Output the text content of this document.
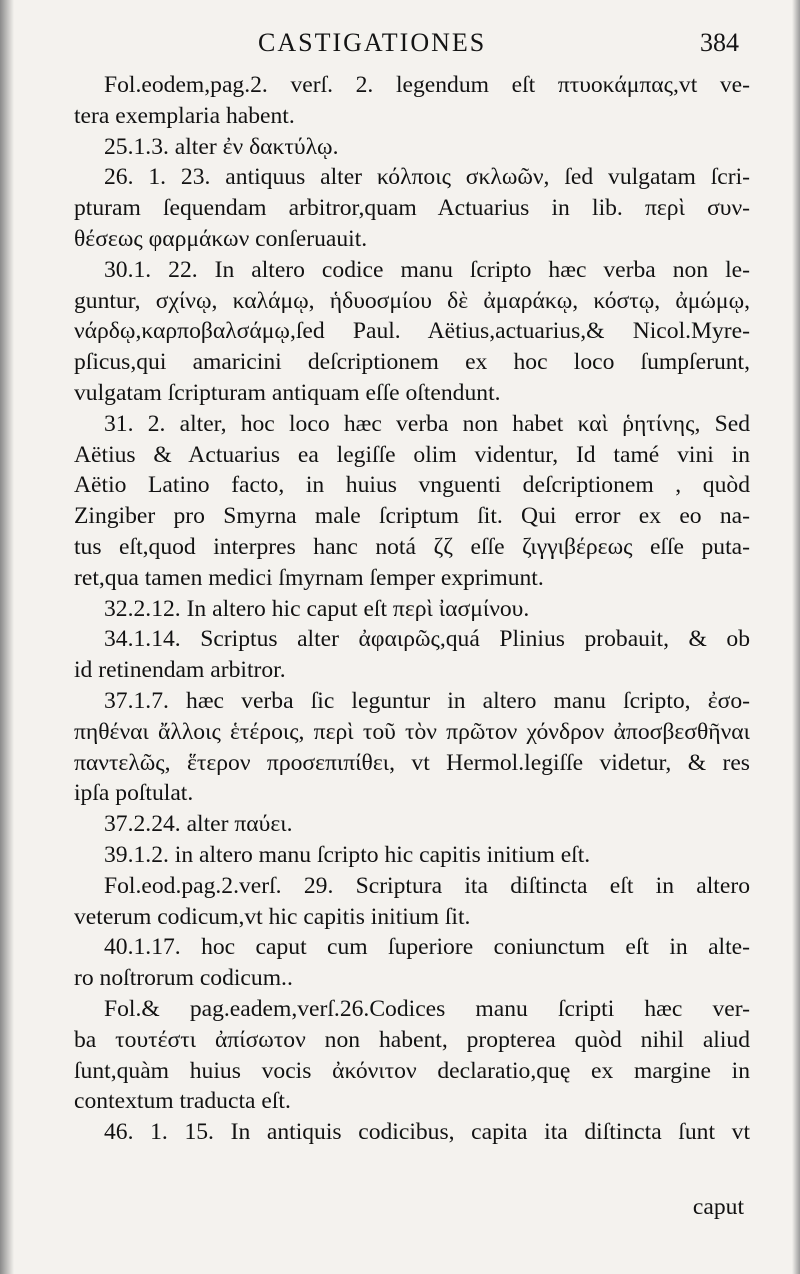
CASTIGATIONES	384
Fol.eodem,pag.2. verſ. 2. legendum eſt πτυοκάμπας,vt ve-
tera exemplaria habent.
25.1.3. alter ἐν δακτύλῳ.
26. 1. 23. antiquus alter κόλποις σκλωῶν, ſed vulgatam ſcri-
pturam ſequendam arbitror,quam Actuarius in lib. περὶ συν-
θέσεως φαρμάκων conſeruauit.
30.1. 22. In altero codice manu ſcripto hæc verba non le-
guntur, σχίνῳ, καλάμῳ, ἡδυοσμίου δὲ ἀμαράκῳ, κόστῳ, ἀμώμῳ,
νάρδῳ,καρποβαλσάμῳ,ſed Paul. Aëtius,actuarius,& Nicol.Myre-
pſicus,qui amaricini deſcriptionem ex hoc loco ſumpſerunt,
vulgatam ſcripturam antiquam eſſe oſtendunt.
31. 2. alter, hoc loco hæc verba non habet καὶ ῥητίνης, Sed
Aëtius & Actuarius ea legiſſe olim videntur, Id tamé vini in
Aëtio Latino facto, in huius vnguenti deſcriptionem , quòd
Zingiber pro Smyrna male ſcriptum ſit. Qui error ex eo na-
tus eſt,quod interpres hanc notá ζζ eſſe ζιγγιβέρεως eſſe puta-
ret,qua tamen medici ſmyrnam ſemper exprimunt.
32.2.12. In altero hic caput eſt περὶ ἰασμίνου.
34.1.14. Scriptus alter ἀφαιρῶς,quá Plinius probauit, & ob
id retinendam arbitror.
37.1.7. hæc verba ſic leguntur in altero manu ſcripto, ἐσο-
πηθέναι ἄλλοις ἑτέροις, περὶ τοῦ τὸν πρῶτον χόνδρον ἀποσβεσθῆναι
παντελῶς, ἕτερον προσεπιπίθει, vt Hermol.legiſſe videtur, & res
ipſa poſtulat.
37.2.24. alter παύει.
39.1.2. in altero manu ſcripto hic capitis initium eſt.
Fol.eod.pag.2.verſ. 29. Scriptura ita diſtincta eſt in altero
veterum codicum,vt hic capitis initium ſit.
40.1.17. hoc caput cum ſuperiore coniunctum eſt in alte-
ro noſtrorum codicum..
Fol.& pag.eadem,verſ.26.Codices manu ſcripti hæc ver-
ba τουτέστι ἀπίσωτον non habent, propterea quòd nihil aliud
ſunt,quàm huius vocis ἀκόνιτον declaratio,quę ex margine in
contextum traducta eſt.
46. 1. 15. In antiquis codicibus, capita ita diſtincta ſunt vt
caput
